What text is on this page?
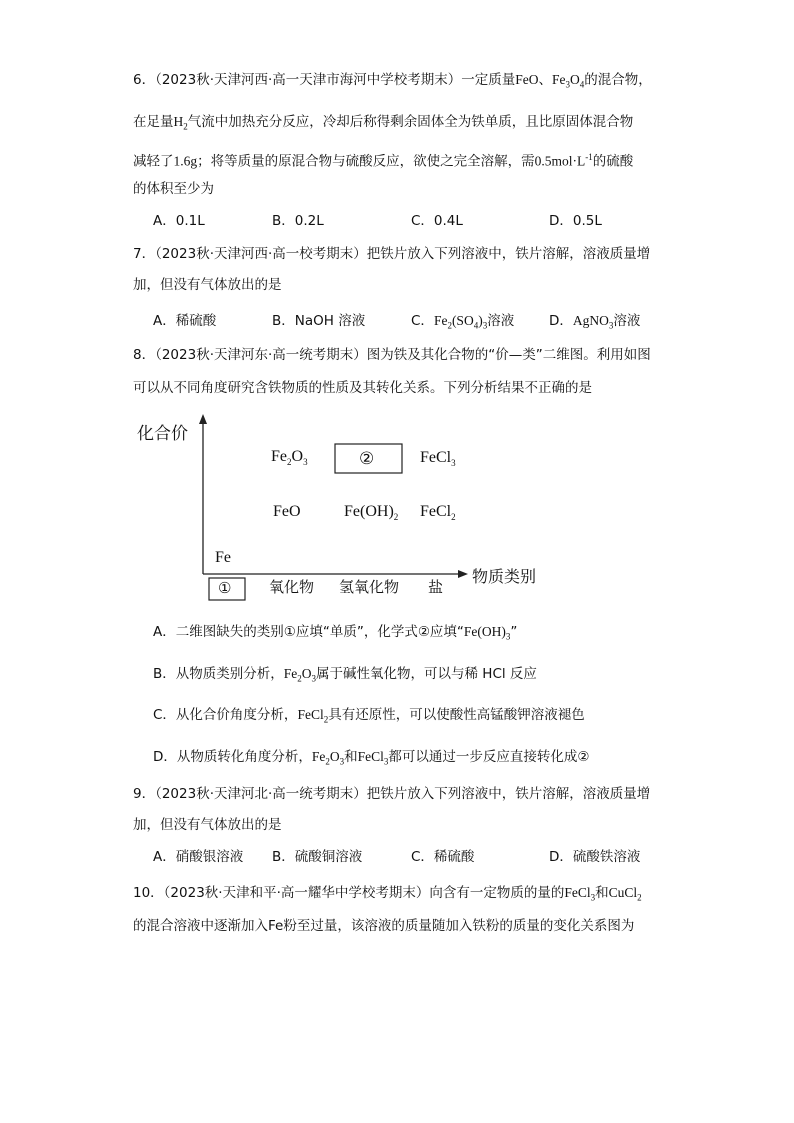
6．（2023秋·天津河西·高一天津市海河中学校考期末）一定质量FeO、$Fe_3O_4$的混合物，
在足量$H_2$气流中加热充分反应，冷却后称得剩余固体全为铁单质，且比原固体混合物
减轻了1.6g；将等质量的原混合物与硫酸反应，欲使之完全溶解，需$0.5mol\cdot L^{-1}$的硫酸
的体积至少为
A．0.1L	B．0.2L	C．0.4L	D．0.5L
7．（2023秋·天津河西·高一校考期末）把铁片放入下列溶液中，铁片溶解，溶液质量增
加，但没有气体放出的是
A．稀硫酸	B．NaOH 溶液	C．$Fe_2(SO_4)_3$溶液	D．AgNO$_3$溶液
8．（2023秋·天津河东·高一统考期末）图为铁及其化合物的“价—类”二维图。利用如图
可以从不同角度研究含铁物质的性质及其转化关系。下列分析结果不正确的是
化合价
物质类别
$Fe_2O_3$	②	FeCl$_3$
FeO	$Fe(OH)_2$ FeCl$_2$
Fe
①	氧化物 氢氧化物 盐
A．二维图缺失的类别①应填“单质”，化学式②应填“$Fe(OH)_3$”
B．从物质类别分析，$Fe_2O_3$属于碱性氧化物，可以与稀 HCl 反应
C．从化合价角度分析，FeCl$_2$具有还原性，可以使酸性高锰酸钾溶液褪色
D．从物质转化角度分析，$Fe_2O_3$和FeCl$_3$都可以通过一步反应直接转化成②
9．（2023秋·天津河北·高一统考期末）把铁片放入下列溶液中，铁片溶解，溶液质量增
加，但没有气体放出的是
A．硝酸银溶液 B．硫酸铜溶液	C．稀硫酸	D．硫酸铁溶液
10．（2023秋·天津和平·高一耀华中学校考期末）向含有一定物质的量的FeCl$_3$和CuCl$_2$
的混合溶液中逐渐加入Fe粉至过量，该溶液的质量随加入铁粉的质量的变化关系图为
